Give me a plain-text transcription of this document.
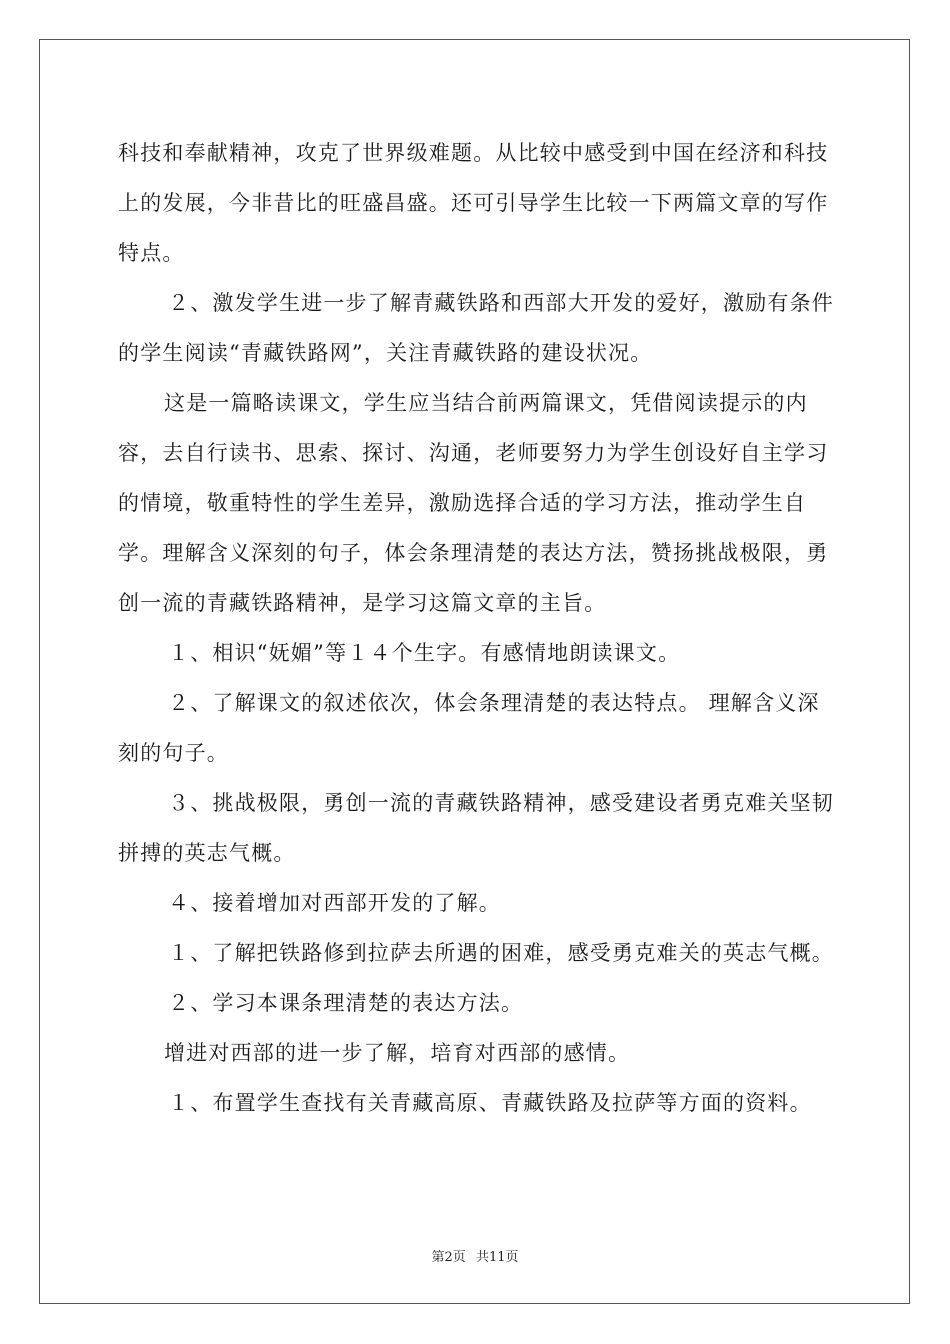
科技和奉献精神，攻克了世界级难题。从比较中感受到中国在经济和科技上的发展，今非昔比的旺盛昌盛。还可引导学生比较一下两篇文章的写作特点。

２、激发学生进一步了解青藏铁路和西部大开发的爱好，激励有条件的学生阅读“青藏铁路网”，关注青藏铁路的建设状况。

这是一篇略读课文，学生应当结合前两篇课文，凭借阅读提示的内容，去自行读书、思索、探讨、沟通，老师要努力为学生创设好自主学习的情境，敬重特性的学生差异，激励选择合适的学习方法，推动学生自学。理解含义深刻的句子，体会条理清楚的表达方法，赞扬挑战极限，勇创一流的青藏铁路精神，是学习这篇文章的主旨。

１、相识“妩媚”等１４个生字。有感情地朗读课文。

２、了解课文的叙述依次，体会条理清楚的表达特点。 理解含义深刻的句子。

３、挑战极限，勇创一流的青藏铁路精神，感受建设者勇克难关坚韧拼搏的英志气概。

４、接着增加对西部开发的了解。

１、了解把铁路修到拉萨去所遇的困难，感受勇克难关的英志气概。

２、学习本课条理清楚的表达方法。

增进对西部的进一步了解，培育对西部的感情。

１、布置学生查找有关青藏高原、青藏铁路及拉萨等方面的资料。

第2页 共11页
